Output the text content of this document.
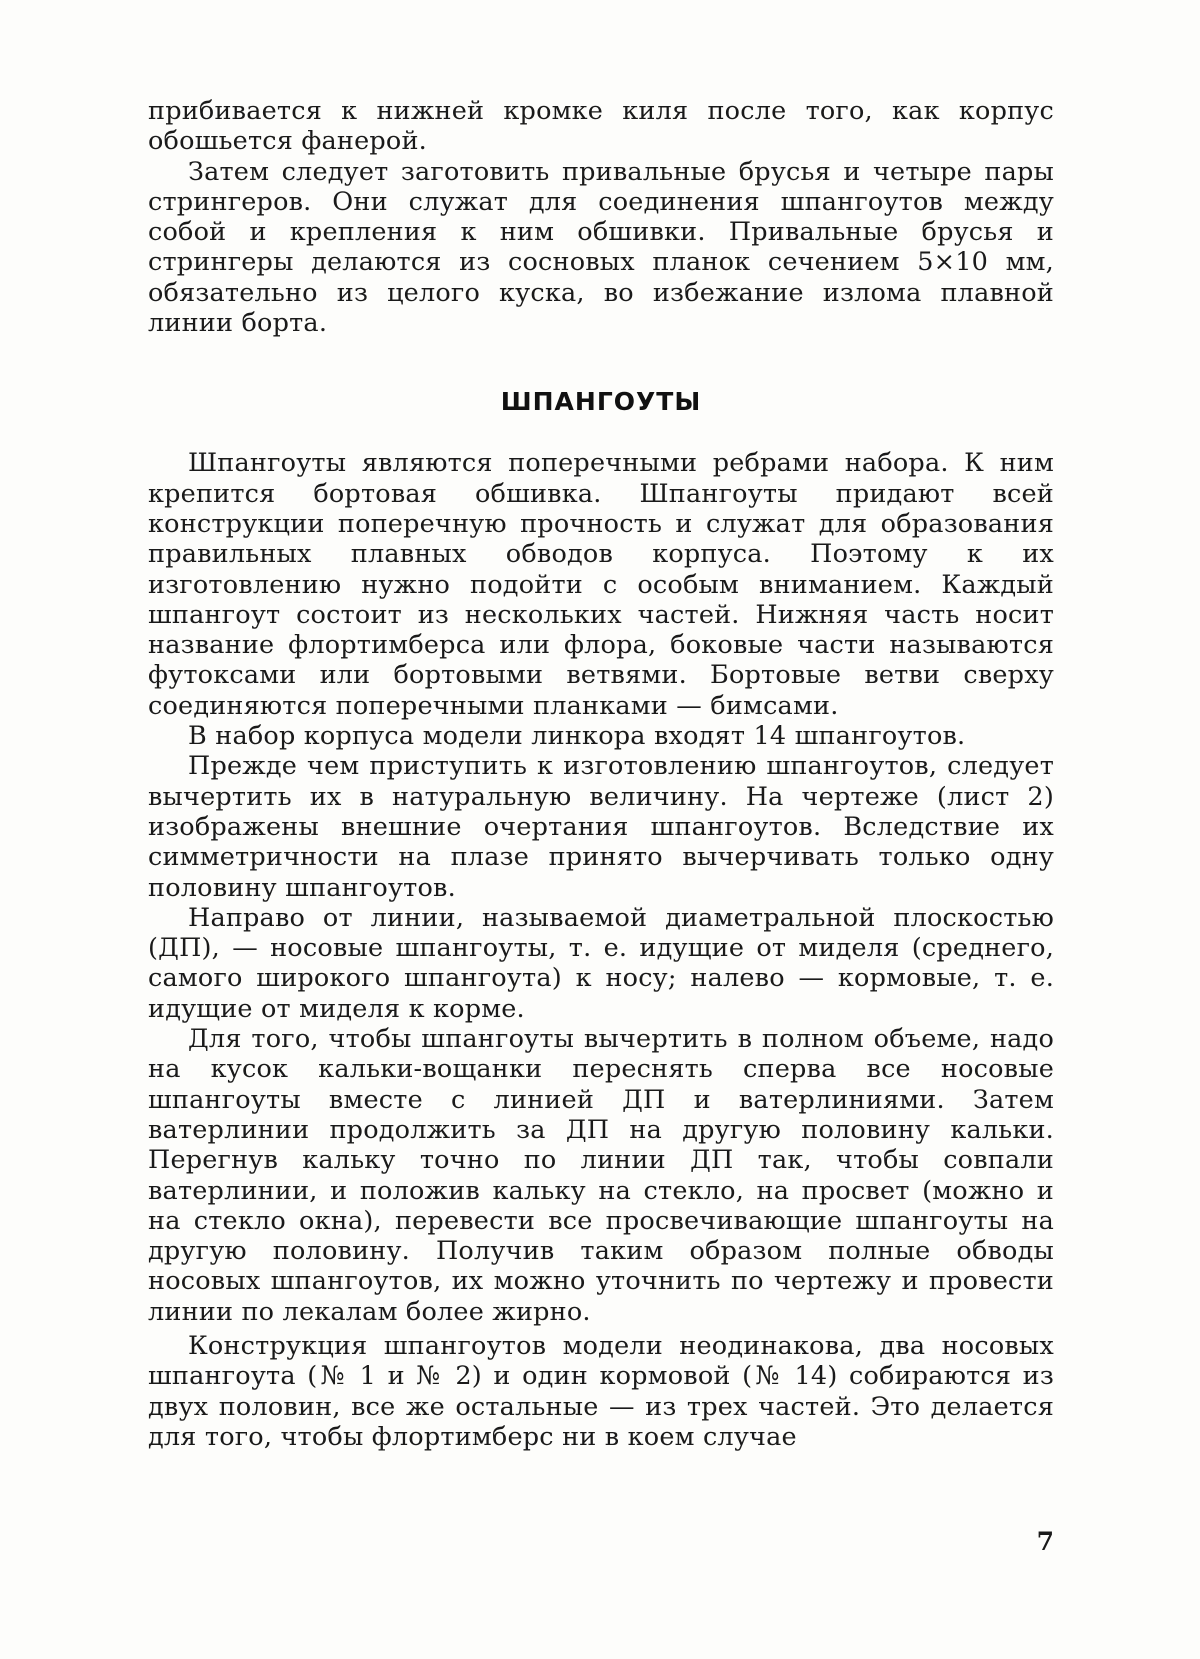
прибивается к нижней кромке киля после того, как корпус обошьется фанерой.

Затем следует заготовить привальные брусья и четыре пары стрингеров. Они служат для соединения шпангоутов между собой и крепления к ним обшивки. Привальные брусья и стрингеры делаются из сосновых планок сечением 5×10 мм, обязательно из целого куска, во избежание излома плавной линии борта.

ШПАНГОУТЫ

Шпангоуты являются поперечными ребрами набора. К ним крепится бортовая обшивка. Шпангоуты придают всей конструкции поперечную прочность и служат для образования правильных плавных обводов корпуса. Поэтому к их изготовлению нужно подойти с особым вниманием. Каждый шпангоут состоит из нескольких частей. Нижняя часть носит название флортимберса или флора, боковые части называются футоксами или бортовыми ветвями. Бортовые ветви сверху соединяются поперечными планками — бимсами.

В набор корпуса модели линкора входят 14 шпангоутов.

Прежде чем приступить к изготовлению шпангоутов, следует вычертить их в натуральную величину. На чертеже (лист 2) изображены внешние очертания шпангоутов. Вследствие их симметричности на плазе принято вычерчивать только одну половину шпангоутов.

Направо от линии, называемой диаметральной плоскостью (ДП), — носовые шпангоуты, т. е. идущие от миделя (среднего, самого широкого шпангоута) к носу; налево — кормовые, т. е. идущие от миделя к корме.

Для того, чтобы шпангоуты вычертить в полном объеме, надо на кусок кальки-вощанки переснять сперва все носовые шпангоуты вместе с линией ДП и ватерлиниями. Затем ватерлинии продолжить за ДП на другую половину кальки. Перегнув кальку точно по линии ДП так, чтобы совпали ватерлинии, и положив кальку на стекло, на просвет (можно и на стекло окна), перевести все просвечивающие шпангоуты на другую половину. Получив таким образом полные обводы носовых шпангоутов, их можно уточнить по чертежу и провести линии по лекалам более жирно.

Конструкция шпангоутов модели неодинакова, два носовых шпангоута (№ 1 и № 2) и один кормовой (№ 14) собираются из двух половин, все же остальные — из трех частей. Это делается для того, чтобы флортимберс ни в коем случае

7
